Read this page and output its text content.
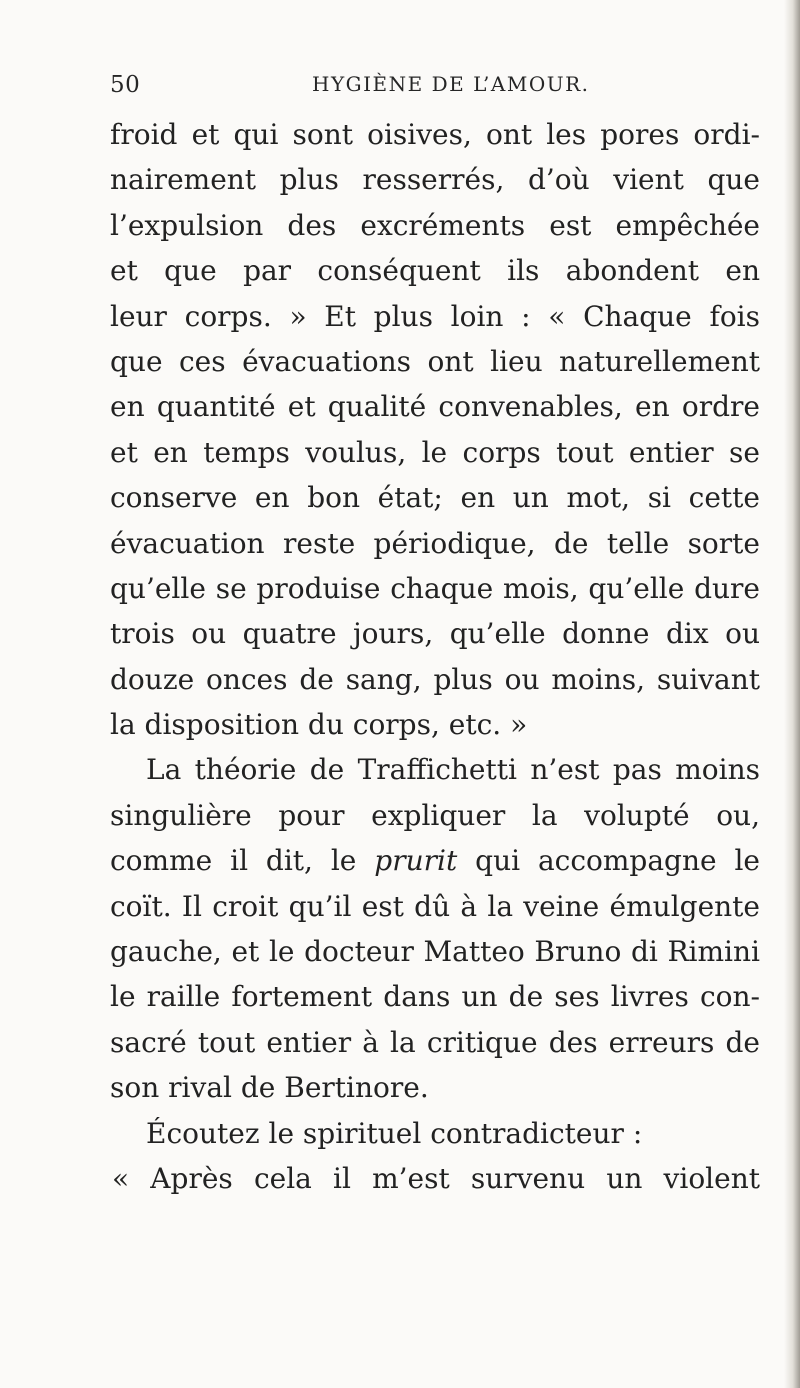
50	HYGIÈNE DE L’AMOUR.
froid et qui sont oisives, ont les pores ordi-
nairement plus resserrés, d’où vient que
l’expulsion des excréments est empêchée
et que par conséquent ils abondent en
leur corps. » Et plus loin : « Chaque fois
que ces évacuations ont lieu naturellement
en quantité et qualité convenables, en ordre
et en temps voulus, le corps tout entier se
conserve en bon état; en un mot, si cette
évacuation reste périodique, de telle sorte
qu’elle se produise chaque mois, qu’elle dure
trois ou quatre jours, qu’elle donne dix ou
douze onces de sang, plus ou moins, suivant
la disposition du corps, etc. »
La théorie de Traffichetti n’est pas moins
singulière pour expliquer la volupté ou,
comme il dit, le prurit qui accompagne le
coït. Il croit qu’il est dû à la veine émulgente
gauche, et le docteur Matteo Bruno di Rimini
le raille fortement dans un de ses livres con-
sacré tout entier à la critique des erreurs de
son rival de Bertinore.
Écoutez le spirituel contradicteur :
« Après cela il m’est survenu un violent
